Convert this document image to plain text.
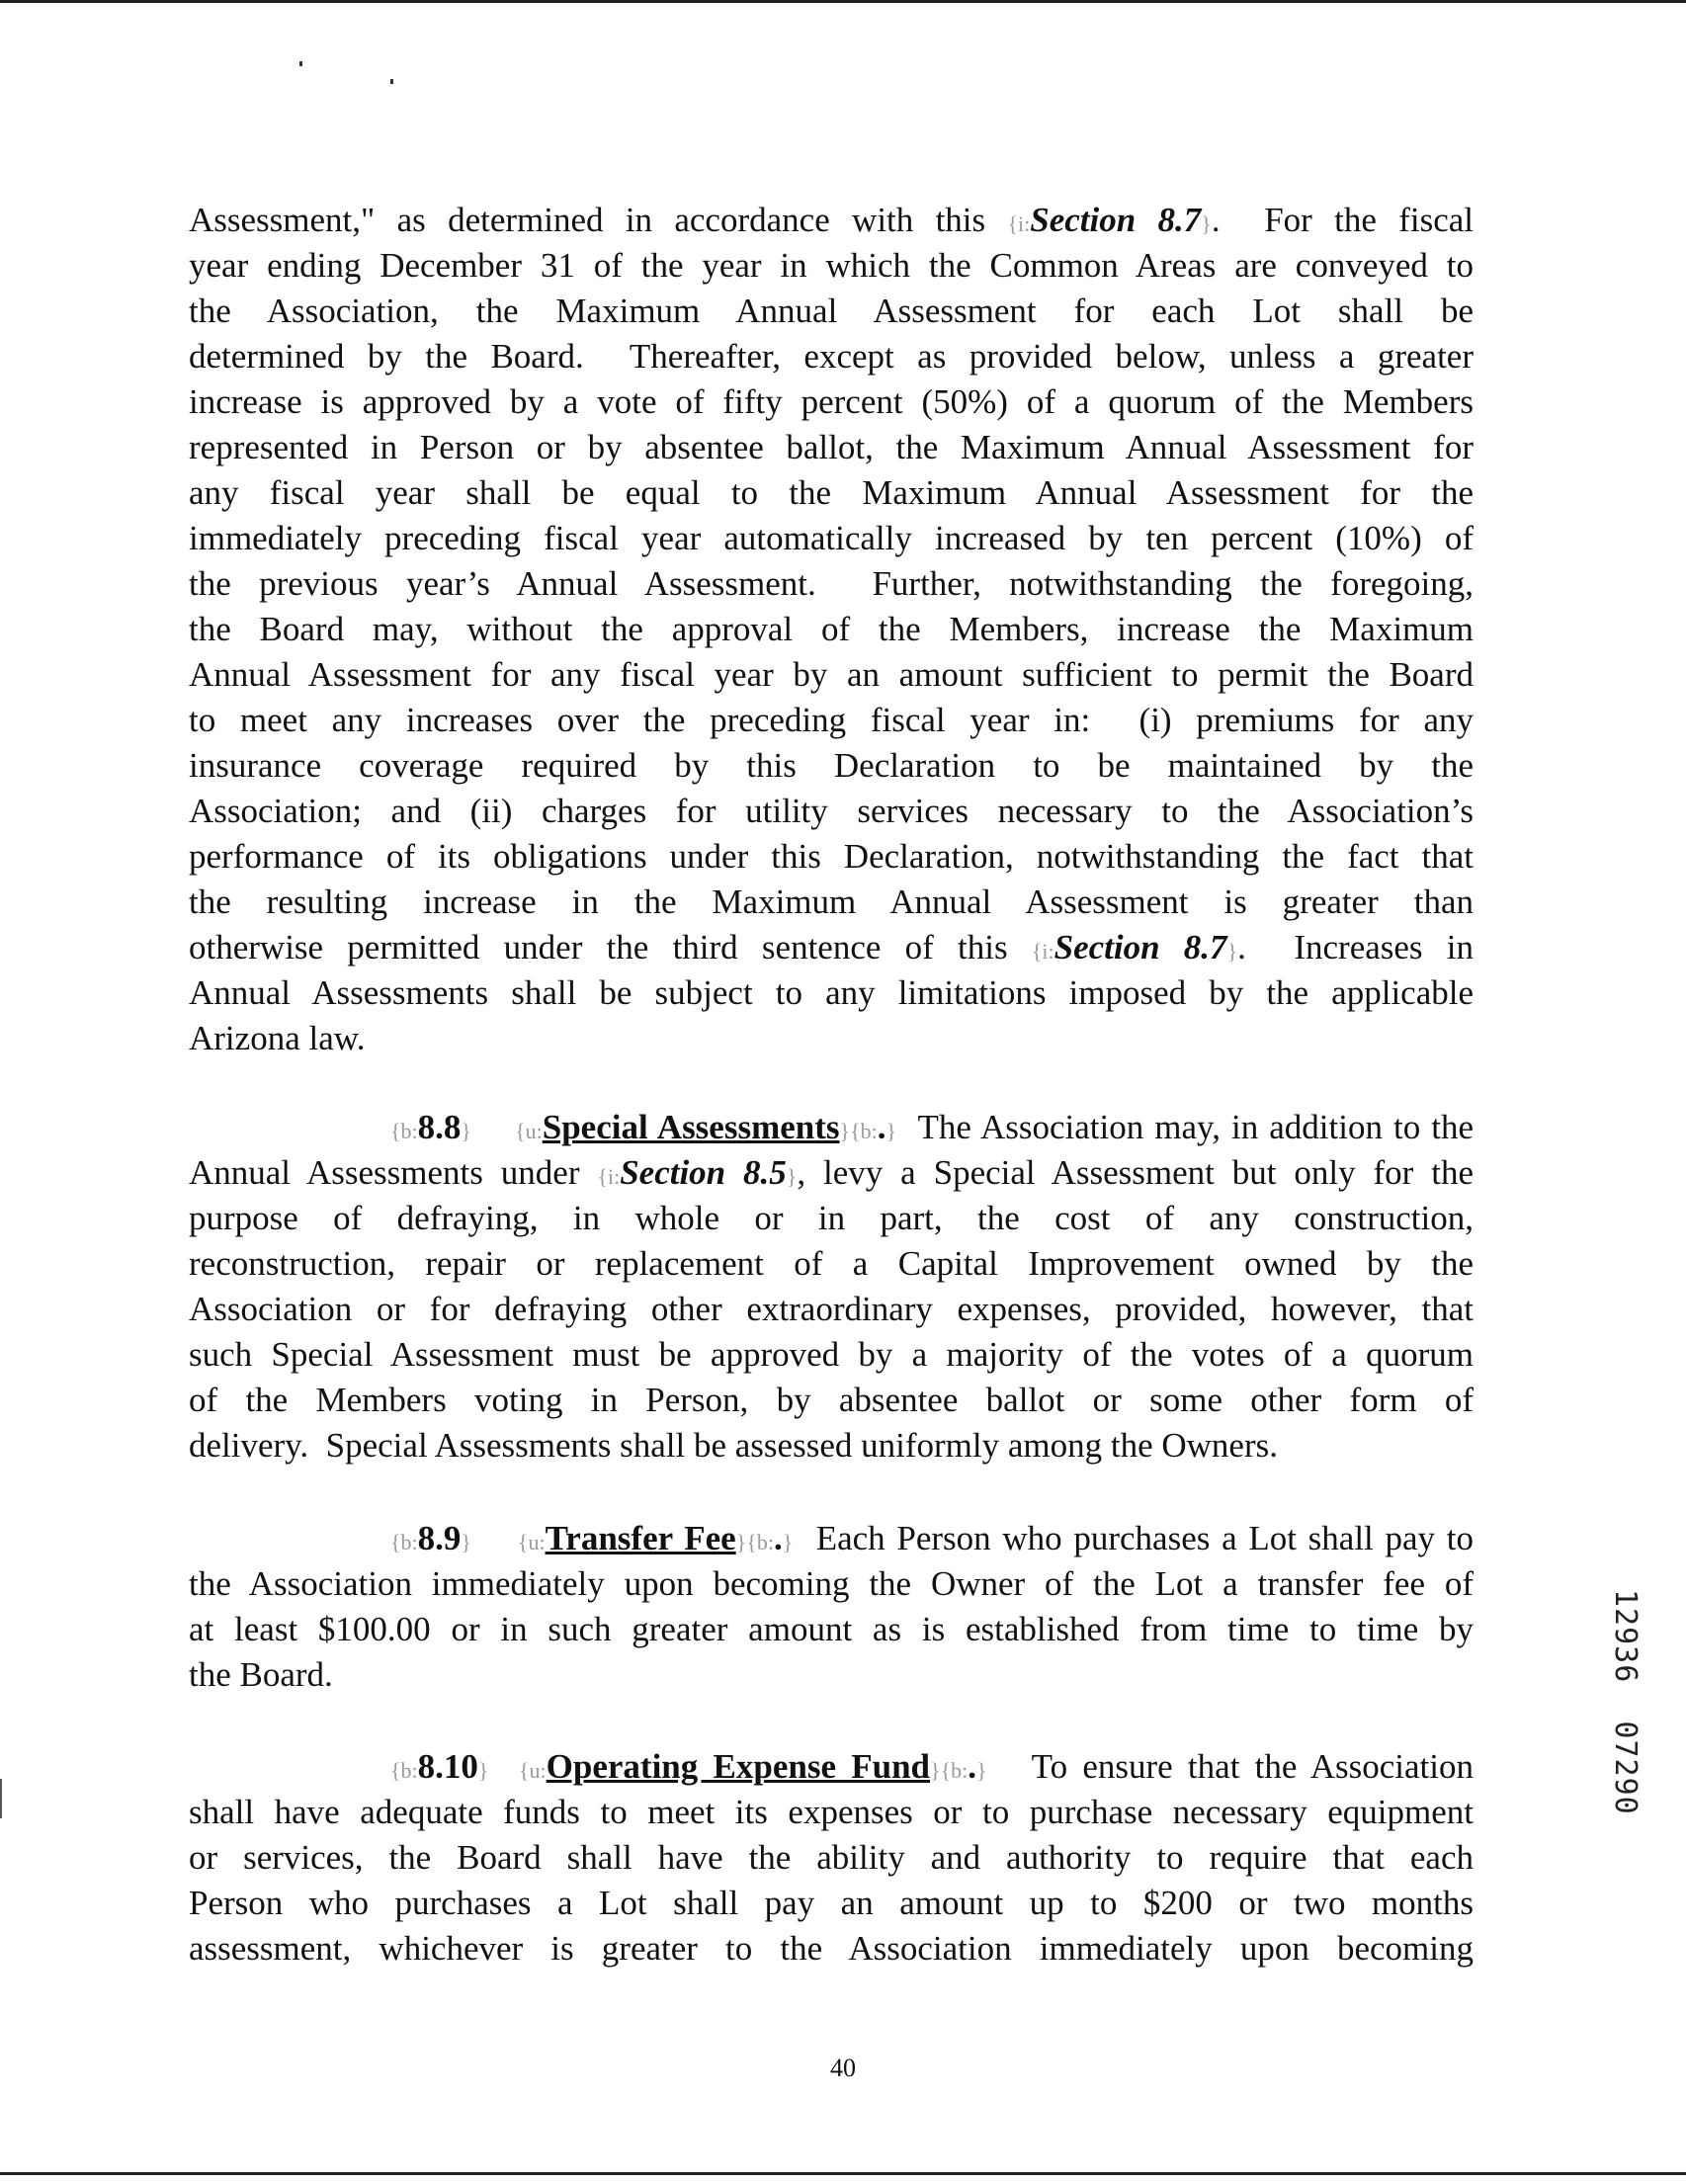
Assessment," as determined in accordance with this {i:Section 8.7}.  For the fiscal
year ending December 31 of the year in which the Common Areas are conveyed to
the Association, the Maximum Annual Assessment for each Lot shall be
determined by the Board.  Thereafter, except as provided below, unless a greater
increase is approved by a vote of fifty percent (50%) of a quorum of the Members
represented in Person or by absentee ballot, the Maximum Annual Assessment for
any fiscal year shall be equal to the Maximum Annual Assessment for the
immediately preceding fiscal year automatically increased by ten percent (10%) of
the previous year’s Annual Assessment.  Further, notwithstanding the foregoing,
the Board may, without the approval of the Members, increase the Maximum
Annual Assessment for any fiscal year by an amount sufficient to permit the Board
to meet any increases over the preceding fiscal year in:  (i) premiums for any
insurance coverage required by this Declaration to be maintained by the
Association; and (ii) charges for utility services necessary to the Association’s
performance of its obligations under this Declaration, notwithstanding the fact that
the resulting increase in the Maximum Annual Assessment is greater than
otherwise permitted under the third sentence of this {i:Section 8.7}.  Increases in
Annual Assessments shall be subject to any limitations imposed by the applicable
Arizona law.
{b:8.8} {u:Special Assessments}{b:.}  The Association may, in addition to the
Annual Assessments under {i:Section 8.5}, levy a Special Assessment but only for the
purpose of defraying, in whole or in part, the cost of any construction,
reconstruction, repair or replacement of a Capital Improvement owned by the
Association or for defraying other extraordinary expenses, provided, however, that
such Special Assessment must be approved by a majority of the votes of a quorum
of the Members voting in Person, by absentee ballot or some other form of
delivery.  Special Assessments shall be assessed uniformly among the Owners.
{b:8.9} {u:Transfer Fee}{b:.}  Each Person who purchases a Lot shall pay to
the Association immediately upon becoming the Owner of the Lot a transfer fee of
at least $100.00 or in such greater amount as is established from time to time by
the Board.
{b:8.10} {u:Operating Expense Fund}{b:.}   To ensure that the Association
shall have adequate funds to meet its expenses or to purchase necessary equipment
or services, the Board shall have the ability and authority to require that each
Person who purchases a Lot shall pay an amount up to $200 or two months
assessment, whichever is greater to the Association immediately upon becoming
12936  07290
40
